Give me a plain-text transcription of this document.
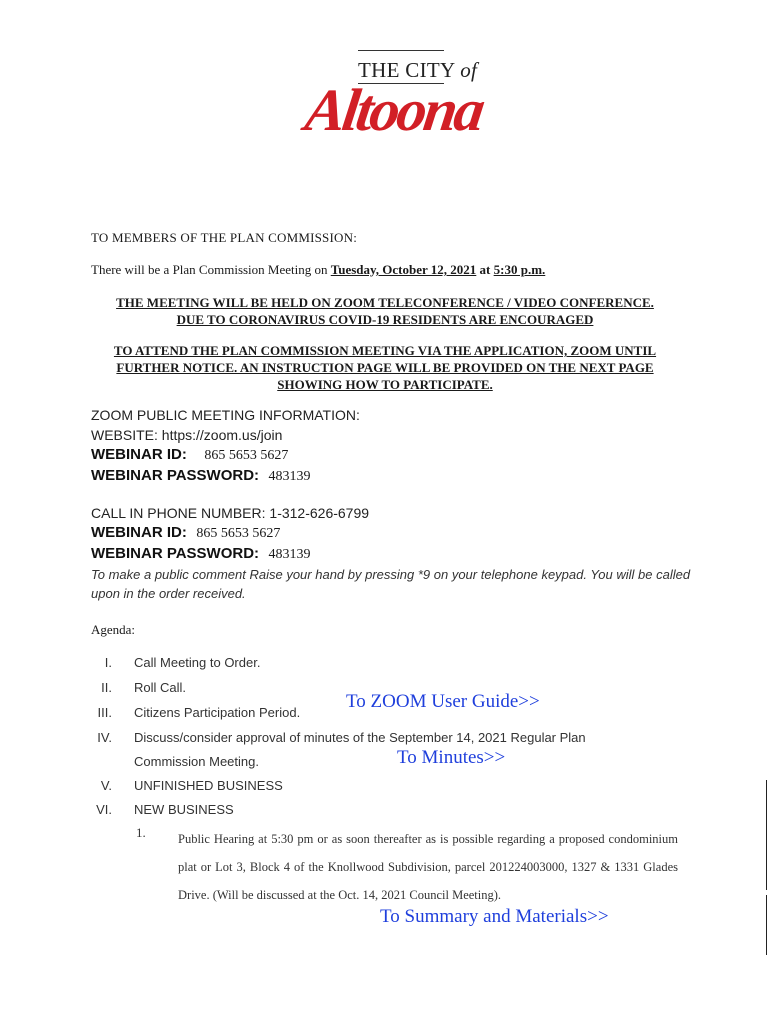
THE CITY of
Altoona
TO MEMBERS OF THE PLAN COMMISSION:
There will be a Plan Commission Meeting on Tuesday, October 12, 2021 at 5:30 p.m.
THE MEETING WILL BE HELD ON ZOOM TELECONFERENCE / VIDEO CONFERENCE.
DUE TO CORONAVIRUS COVID-19 RESIDENTS ARE ENCOURAGED
TO ATTEND THE PLAN COMMISSION MEETING VIA THE APPLICATION, ZOOM UNTIL
FURTHER NOTICE. AN INSTRUCTION PAGE WILL BE PROVIDED ON THE NEXT PAGE
SHOWING HOW TO PARTICIPATE.
ZOOM PUBLIC MEETING INFORMATION:
WEBSITE: https://zoom.us/join
WEBINAR ID: 865 5653 5627
WEBINAR PASSWORD: 483139
CALL IN PHONE NUMBER: 1-312-626-6799
WEBINAR ID: 865 5653 5627
WEBINAR PASSWORD: 483139
To make a public comment Raise your hand by pressing *9 on your telephone keypad. You will be called upon in the order received.
Agenda:
I. Call Meeting to Order.
II. Roll Call.
III. Citizens Participation Period.
To ZOOM User Guide>>
IV. Discuss/consider approval of minutes of the September 14, 2021 Regular Plan
Commission Meeting.	To Minutes>>
V. UNFINISHED BUSINESS
VI. NEW BUSINESS
1.	Public Hearing at 5:30 pm or as soon thereafter as is possible regarding a proposed condominium plat or Lot 3, Block 4 of the Knollwood Subdivision, parcel 201224003000, 1327 & 1331 Glades Drive. (Will be discussed at the Oct. 14, 2021 Council Meeting).
To Summary and Materials>>
